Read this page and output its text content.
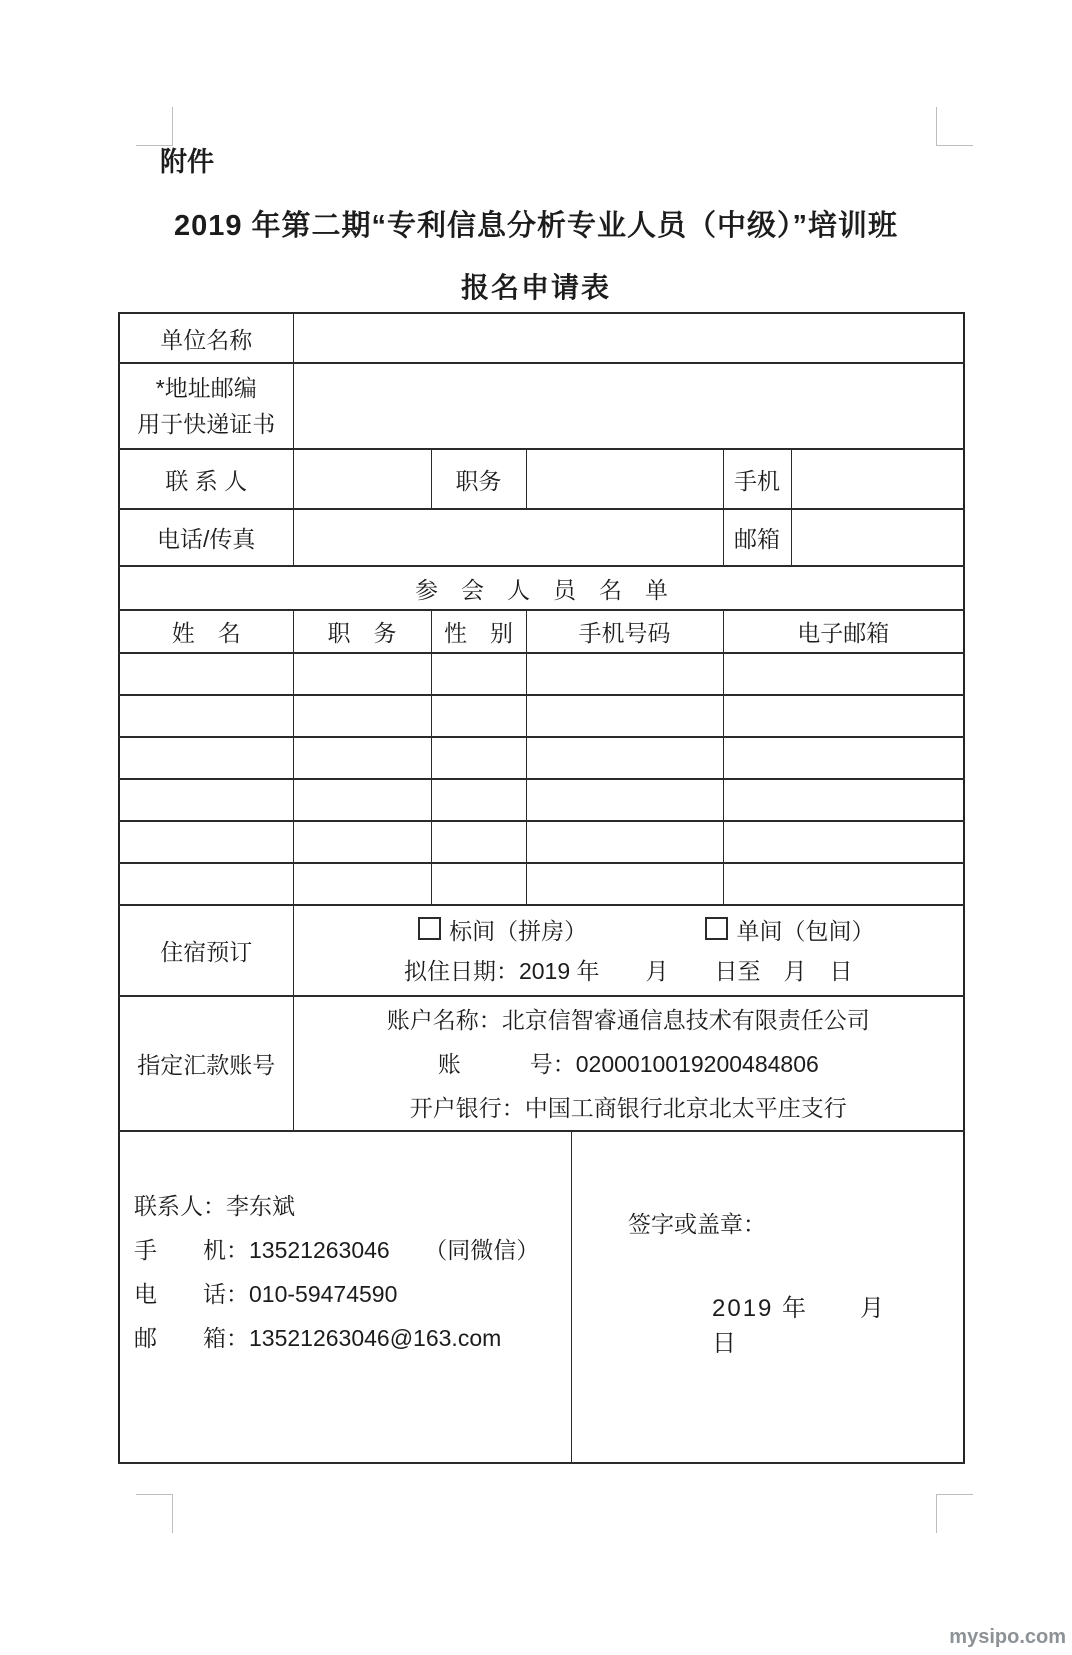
附件
2019 年第二期“专利信息分析专业人员（中级）”培训班
报名申请表
单位名称					

*地址邮编
用于快递证书					

联 系 人		职务		手机	
电话/传真				邮箱	
参　会　人　员　名　单					
姓　名	职　务	性　别	手机号码	电子邮箱	

住宿预订	标间（拼房） 单间（包间）
拟住日期：2019 年　　月　　日至　月　日				

指定汇款账号	账户名称：北京信智睿通信息技术有限责任公司
账　　　号：0200010019200484806
开户银行：中国工商银行北京北太平庄支行				

联系人：李东斌
手　　机：13521263046　　（同微信）
电　　话：010-59474590
邮　　箱：13521263046@163.com
签字或盖章：
2019 年　　月　　日
mysipo.com
